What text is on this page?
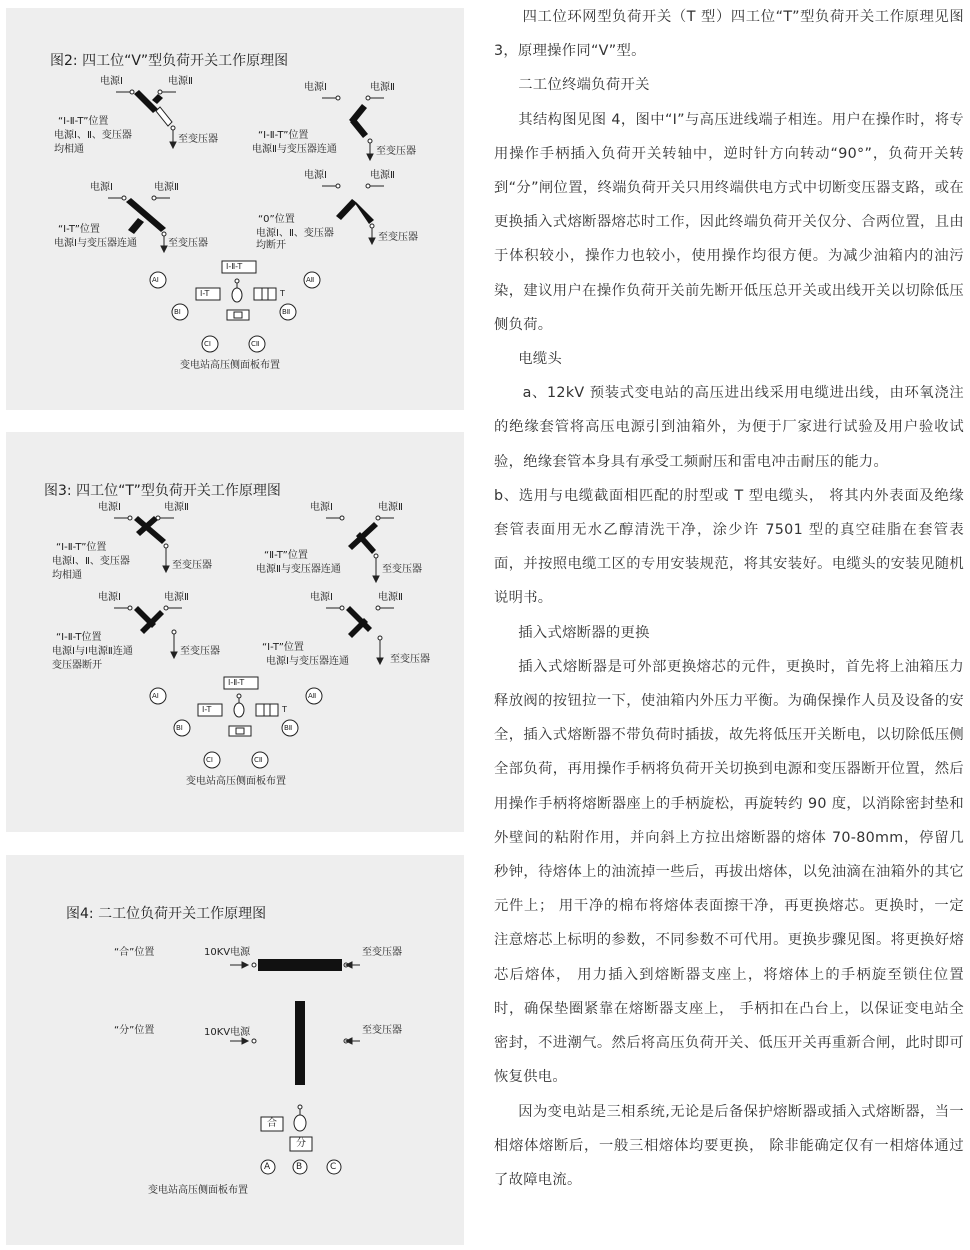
图2: 四工位“V”型负荷开关工作原理图
电源Ⅰ	电源Ⅱ
“Ⅰ-Ⅱ-T”位置
电源Ⅰ、Ⅱ、变压器
均相通
至变压器
电源Ⅰ	电源Ⅱ
“Ⅰ-Ⅱ-T”位置
电源Ⅱ与变压器连通	至变压器
电源Ⅰ	电源Ⅱ
“Ⅰ-T”位置
电源Ⅰ与变压器连通	至变压器
电源Ⅰ	电源Ⅱ
“0”位置
电源Ⅰ、Ⅱ、变压器
均断开
至变压器
Ⅰ-Ⅱ-T
Ⅰ-T	T
AⅠ	AⅡ
BⅠ	BⅡ
CⅠ	CⅡ
变电站高压侧面板布置
图3: 四工位“T”型负荷开关工作原理图
电源Ⅰ	电源Ⅱ
“Ⅰ-Ⅱ-T”位置
电源Ⅰ、Ⅱ、变压器
均相通
至变压器
电源Ⅰ	电源Ⅱ
“Ⅱ-T”位置
电源Ⅱ与变压器连通	至变压器
电源Ⅰ	电源Ⅱ
“Ⅰ-Ⅱ-T位置
电源Ⅰ与Ⅰ电源Ⅱ连通
变压器断开
至变压器
电源Ⅰ	电源Ⅱ
“Ⅰ-T”位置
电源Ⅰ与变压器连通	至变压器
Ⅰ-Ⅱ-T
Ⅰ-T	T
AⅠ	AⅡ
BⅠ	BⅡ
CⅠ	CⅡ
变电站高压侧面板布置
图4: 二工位负荷开关工作原理图
“合”位置	10KV电源	至变压器
“分”位置	10KV电源	至变压器
合
分
A	B	C
变电站高压侧面板布置

四工位环网型负荷开关（T 型）四工位“T”型负荷开关工作原理见图 3，原理操作同“V”型。

二工位终端负荷开关

其结构图见图 4，图中“I”与高压进线端子相连。用户在操作时，将专用操作手柄插入负荷开关转轴中，逆时针方向转动“90°”，负荷开关转到“分”闸位置，终端负荷开关只用终端供电方式中切断变压器支路，或在更换插入式熔断器熔芯时工作，因此终端负荷开关仅分、合两位置，且由于体积较小，操作力也较小，使用操作均很方便。为减少油箱内的油污染，建议用户在操作负荷开关前先断开低压总开关或出线开关以切除低压侧负荷。

电缆头

a、12kV 预装式变电站的高压进出线采用电缆进出线，由环氧浇注的绝缘套管将高压电源引到油箱外，为便于厂家进行试验及用户验收试验，绝缘套管本身具有承受工频耐压和雷电冲击耐压的能力。

b、选用与电缆截面相匹配的肘型或 T 型电缆头， 将其内外表面及绝缘套管表面用无水乙醇清洗干净，涂少许 7501 型的真空硅脂在套管表面，并按照电缆工区的专用安装规范，将其安装好。电缆头的安装见随机说明书。

插入式熔断器的更换

插入式熔断器是可外部更换熔芯的元件，更换时，首先将上油箱压力释放阀的按钮拉一下，使油箱内外压力平衡。为确保操作人员及设备的安全，插入式熔断器不带负荷时插拔，故先将低压开关断电，以切除低压侧全部负荷，再用操作手柄将负荷开关切换到电源和变压器断开位置，然后用操作手柄将熔断器座上的手柄旋松，再旋转约 90 度，以消除密封垫和外壁间的粘附作用，并向斜上方拉出熔断器的熔体 70-80mm，停留几秒钟，待熔体上的油流掉一些后，再拔出熔体，以免油滴在油箱外的其它元件上； 用干净的棉布将熔体表面擦干净，再更换熔芯。更换时，一定注意熔芯上标明的参数，不同参数不可代用。更换步骤见图。将更换好熔芯后熔体， 用力插入到熔断器支座上，将熔体上的手柄旋至锁住位置时，确保垫圈紧靠在熔断器支座上， 手柄扣在凸台上，以保证变电站全密封，不进潮气。然后将高压负荷开关、低压开关再重新合闸，此时即可恢复供电。

因为变电站是三相系统,无论是后备保护熔断器或插入式熔断器，当一相熔体熔断后，一般三相熔体均要更换， 除非能确定仅有一相熔体通过了故障电流。
